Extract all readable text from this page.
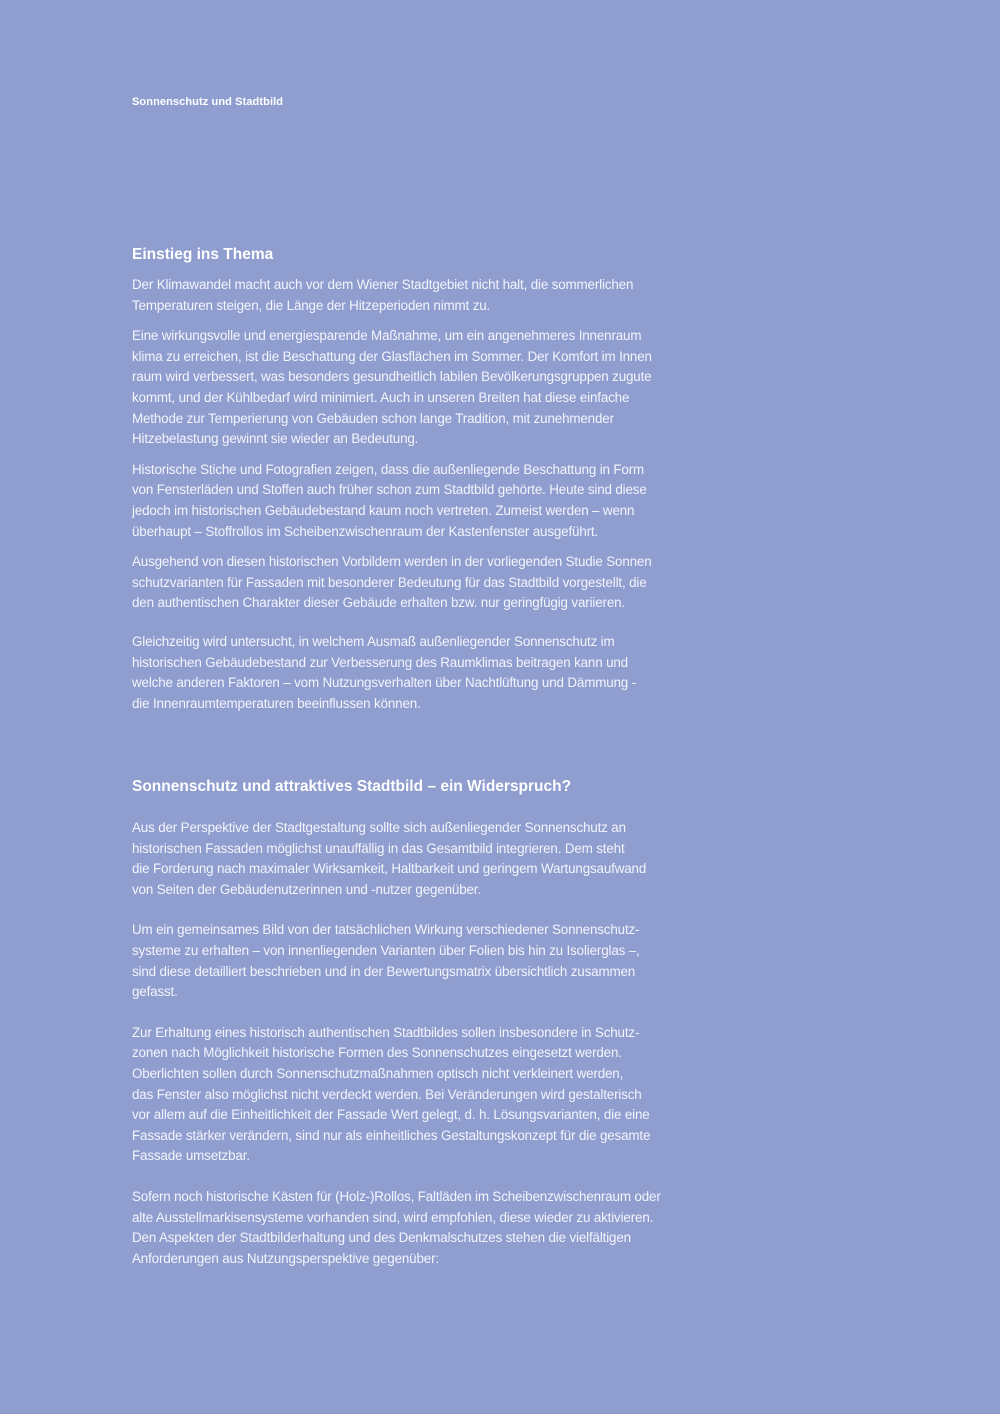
Sonnenschutz und Stadtbild
Einstieg ins Thema

Der Klimawandel macht auch vor dem Wiener Stadtgebiet nicht halt, die sommerlichen
Temperaturen steigen, die Länge der Hitzeperioden nimmt zu.

Eine wirkungsvolle und energiesparende Maßnahme, um ein angenehmeres Innenraum
klima zu erreichen, ist die Beschattung der Glasflächen im Sommer. Der Komfort im Innen
raum wird verbessert, was besonders gesundheitlich labilen Bevölkerungsgruppen zugute
kommt, und der Kühlbedarf wird minimiert. Auch in unseren Breiten hat diese einfache
Methode zur Temperierung von Gebäuden schon lange Tradition, mit zunehmender
Hitzebelastung gewinnt sie wieder an Bedeutung.

Historische Stiche und Fotografien zeigen, dass die außenliegende Beschattung in Form
von Fensterläden und Stoffen auch früher schon zum Stadtbild gehörte. Heute sind diese
jedoch im historischen Gebäudebestand kaum noch vertreten. Zumeist werden – wenn
überhaupt – Stoffrollos im Scheibenzwischenraum der Kastenfenster ausgeführt.

Ausgehend von diesen historischen Vorbildern werden in der vorliegenden Studie Sonnen
schutzvarianten für Fassaden mit besonderer Bedeutung für das Stadtbild vorgestellt, die
den authentischen Charakter dieser Gebäude erhalten bzw. nur geringfügig variieren.

Gleichzeitig wird untersucht, in welchem Ausmaß außenliegender Sonnenschutz im
historischen Gebäudebestand zur Verbesserung des Raumklimas beitragen kann und
welche anderen Faktoren – vom Nutzungsverhalten über Nachtlüftung und Dämmung -
die Innenraumtemperaturen beeinflussen können.

Sonnenschutz und attraktives Stadtbild – ein Widerspruch?

Aus der Perspektive der Stadtgestaltung sollte sich außenliegender Sonnenschutz an
historischen Fassaden möglichst unauffällig in das Gesamtbild integrieren. Dem steht
die Forderung nach maximaler Wirksamkeit, Haltbarkeit und geringem Wartungsaufwand
von Seiten der Gebäudenutzerinnen und -nutzer gegenüber.

Um ein gemeinsames Bild von der tatsächlichen Wirkung verschiedener Sonnenschutz-
systeme zu erhalten – von innenliegenden Varianten über Folien bis hin zu Isolierglas –,
sind diese detailliert beschrieben und in der Bewertungsmatrix übersichtlich zusammen
gefasst.

Zur Erhaltung eines historisch authentischen Stadtbildes sollen insbesondere in Schutz-
zonen nach Möglichkeit historische Formen des Sonnenschutzes eingesetzt werden.
Oberlichten sollen durch Sonnenschutzmaßnahmen optisch nicht verkleinert werden,
das Fenster also möglichst nicht verdeckt werden. Bei Veränderungen wird gestalterisch
vor allem auf die Einheitlichkeit der Fassade Wert gelegt, d. h. Lösungsvarianten, die eine
Fassade stärker verändern, sind nur als einheitliches Gestaltungskonzept für die gesamte
Fassade umsetzbar.

Sofern noch historische Kästen für (Holz-)Rollos, Faltläden im Scheibenzwischenraum oder
alte Ausstellmarkisensysteme vorhanden sind, wird empfohlen, diese wieder zu aktivieren.
Den Aspekten der Stadtbilderhaltung und des Denkmalschutzes stehen die vielfältigen
Anforderungen aus Nutzungsperspektive gegenüber:
